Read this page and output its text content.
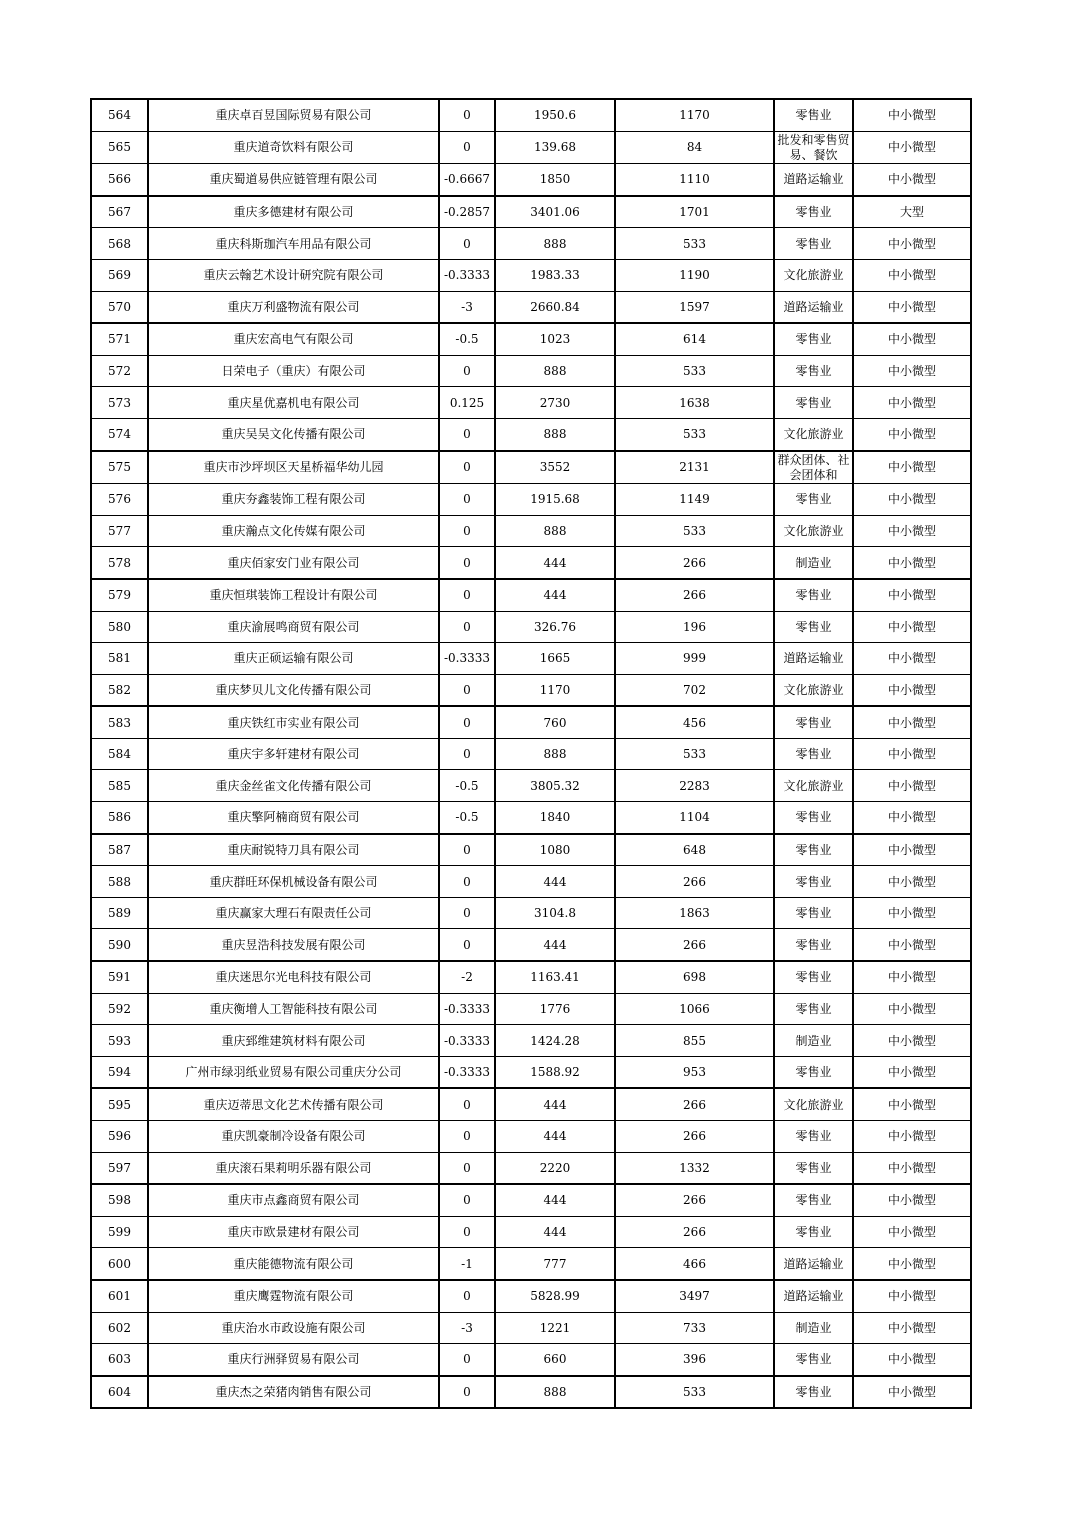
564	重庆卓百昱国际贸易有限公司	0	1950.6	1170	零售业	中小微型
565	重庆道奇饮料有限公司	0	139.68	84	批发和零售贸易、餐饮	中小微型
566	重庆蜀道易供应链管理有限公司	-0.6667	1850	1110	道路运输业	中小微型
567	重庆多德建材有限公司	-0.2857	3401.06	1701	零售业	大型
568	重庆科斯珈汽车用品有限公司	0	888	533	零售业	中小微型
569	重庆云翰艺术设计研究院有限公司	-0.3333	1983.33	1190	文化旅游业	中小微型
570	重庆万利盛物流有限公司	-3	2660.84	1597	道路运输业	中小微型
571	重庆宏高电气有限公司	-0.5	1023	614	零售业	中小微型
572	日荣电子（重庆）有限公司	0	888	533	零售业	中小微型
573	重庆星优嘉机电有限公司	0.125	2730	1638	零售业	中小微型
574	重庆吴吴文化传播有限公司	0	888	533	文化旅游业	中小微型
575	重庆市沙坪坝区天星桥福华幼儿园	0	3552	2131	群众团体、社会团体和	中小微型
576	重庆夯鑫装饰工程有限公司	0	1915.68	1149	零售业	中小微型
577	重庆瀚点文化传媒有限公司	0	888	533	文化旅游业	中小微型
578	重庆佰家安门业有限公司	0	444	266	制造业	中小微型
579	重庆恒琪装饰工程设计有限公司	0	444	266	零售业	中小微型
580	重庆渝展鸣商贸有限公司	0	326.76	196	零售业	中小微型
581	重庆正硕运输有限公司	-0.3333	1665	999	道路运输业	中小微型
582	重庆梦贝儿文化传播有限公司	0	1170	702	文化旅游业	中小微型
583	重庆铁红市实业有限公司	0	760	456	零售业	中小微型
584	重庆宇多轩建材有限公司	0	888	533	零售业	中小微型
585	重庆金丝雀文化传播有限公司	-0.5	3805.32	2283	文化旅游业	中小微型
586	重庆擎阿楠商贸有限公司	-0.5	1840	1104	零售业	中小微型
587	重庆耐锐特刀具有限公司	0	1080	648	零售业	中小微型
588	重庆群旺环保机械设备有限公司	0	444	266	零售业	中小微型
589	重庆赢家大理石有限责任公司	0	3104.8	1863	零售业	中小微型
590	重庆昱浩科技发展有限公司	0	444	266	零售业	中小微型
591	重庆迷思尔光电科技有限公司	-2	1163.41	698	零售业	中小微型
592	重庆衡增人工智能科技有限公司	-0.3333	1776	1066	零售业	中小微型
593	重庆郅维建筑材料有限公司	-0.3333	1424.28	855	制造业	中小微型
594	广州市绿羽纸业贸易有限公司重庆分公司	-0.3333	1588.92	953	零售业	中小微型
595	重庆迈蒂思文化艺术传播有限公司	0	444	266	文化旅游业	中小微型
596	重庆凯豪制冷设备有限公司	0	444	266	零售业	中小微型
597	重庆滚石果莉明乐器有限公司	0	2220	1332	零售业	中小微型
598	重庆市点鑫商贸有限公司	0	444	266	零售业	中小微型
599	重庆市欧景建材有限公司	0	444	266	零售业	中小微型
600	重庆能德物流有限公司	-1	777	466	道路运输业	中小微型
601	重庆鹰霆物流有限公司	0	5828.99	3497	道路运输业	中小微型
602	重庆治水市政设施有限公司	-3	1221	733	制造业	中小微型
603	重庆行洲驿贸易有限公司	0	660	396	零售业	中小微型
604	重庆杰之荣猪肉销售有限公司	0	888	533	零售业	中小微型
